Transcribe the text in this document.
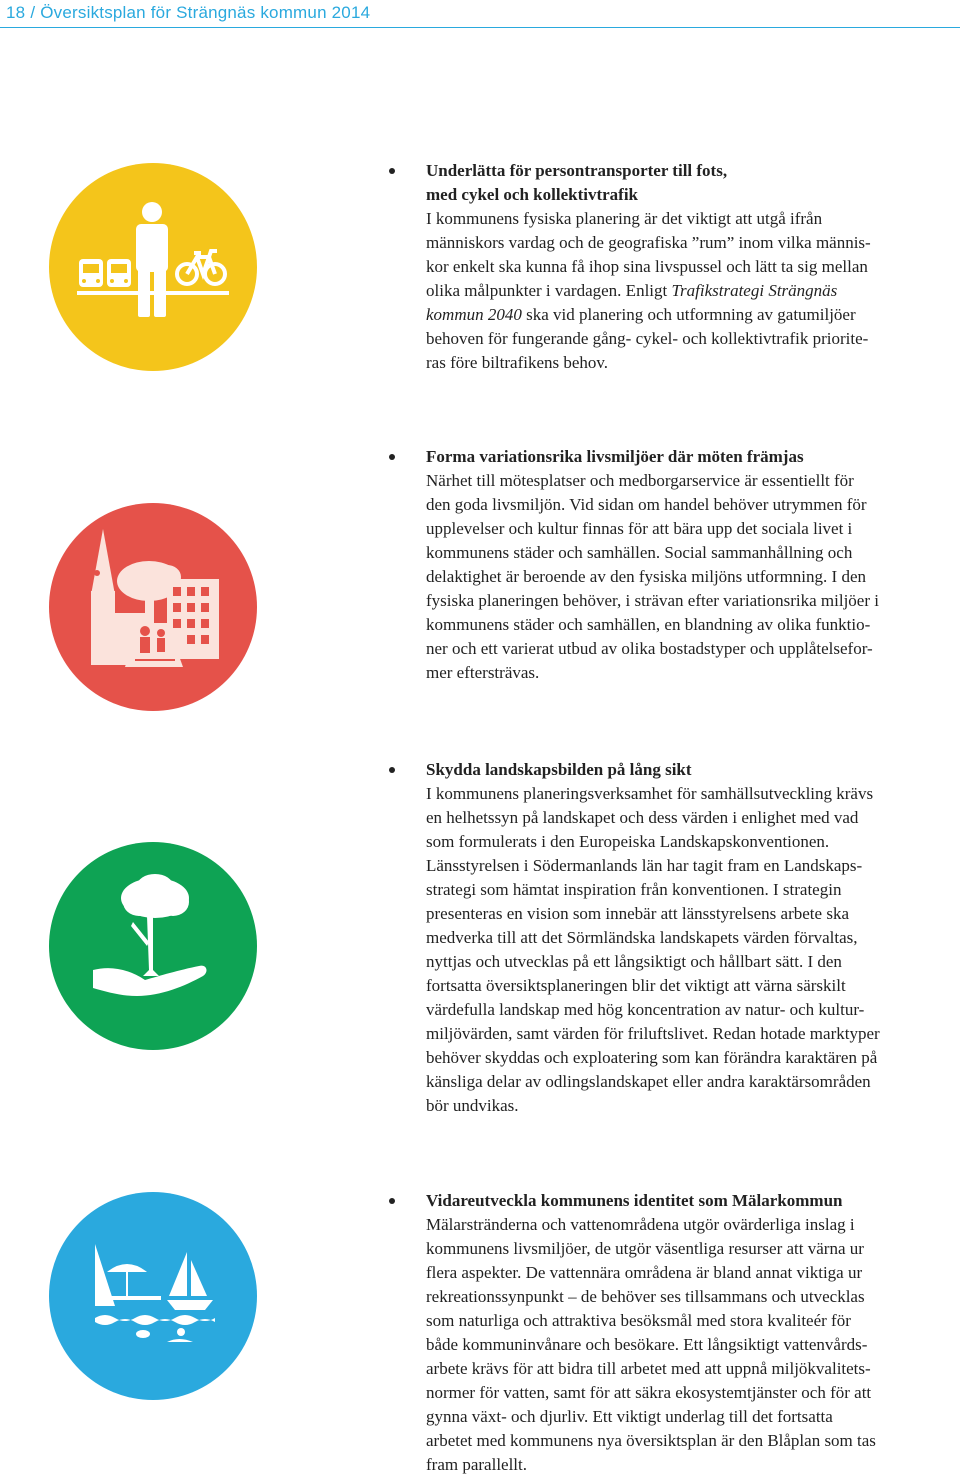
18 / Översiktsplan för Strängnäs kommun 2014
Underlätta för persontransporter till fots,
med cykel och kollektivtrafik
I kommunens fysiska planering är det viktigt att utgå ifrån
människors vardag och de geografiska ”rum” inom vilka männis-
kor enkelt ska kunna få ihop sina livspussel och lätt ta sig mellan
olika målpunkter i vardagen. Enligt Trafikstrategi Strängnäs
kommun 2040 ska vid planering och utformning av gatumiljöer
behoven för fungerande gång- cykel- och kollektivtrafik priorite-
ras före biltrafikens behov.
Forma variationsrika livsmiljöer där möten främjas
Närhet till mötesplatser och medborgarservice är essentiellt för
den goda livsmiljön. Vid sidan om handel behöver utrymmen för
upplevelser och kultur finnas för att bära upp det sociala livet i
kommunens städer och samhällen. Social sammanhållning och
delaktighet är beroende av den fysiska miljöns utformning. I den
fysiska planeringen behöver, i strävan efter variationsrika miljöer i
kommunens städer och samhällen, en blandning av olika funktio-
ner och ett varierat utbud av olika bostadstyper och upplåtelsefor-
mer eftersträvas.
Skydda landskapsbilden på lång sikt
I kommunens planeringsverksamhet för samhällsutveckling krävs
en helhetssyn på landskapet och dess värden i enlighet med vad
som formulerats i den Europeiska Landskapskonventionen.
Länsstyrelsen i Södermanlands län har tagit fram en Landskaps-
strategi som hämtat inspiration från konventionen. I strategin
presenteras en vision som innebär att länsstyrelsens arbete ska
medverka till att det Sörmländska landskapets värden förvaltas,
nyttjas och utvecklas på ett långsiktigt och hållbart sätt. I den
fortsatta översiktsplaneringen blir det viktigt att värna särskilt
värdefulla landskap med hög koncentration av natur- och kultur-
miljövärden, samt värden för friluftslivet. Redan hotade marktyper
behöver skyddas och exploatering som kan förändra karaktären på
känsliga delar av odlingslandskapet eller andra karaktärsområden
bör undvikas.
Vidareutveckla kommunens identitet som Mälarkommun
Mälarstränderna och vattenområdena utgör ovärderliga inslag i
kommunens livsmiljöer, de utgör väsentliga resurser att värna ur
flera aspekter. De vattennära områdena är bland annat viktiga ur
rekreationssynpunkt – de behöver ses tillsammans och utvecklas
som naturliga och attraktiva besöksmål med stora kvaliteér för
både kommuninvånare och besökare. Ett långsiktigt vattenvårds-
arbete krävs för att bidra till arbetet med att uppnå miljökvalitets-
normer för vatten, samt för att säkra ekosystemtjänster och för att
gynna växt- och djurliv. Ett viktigt underlag till det fortsatta
arbetet med kommunens nya översiktsplan är den Blåplan som tas
fram parallellt.
